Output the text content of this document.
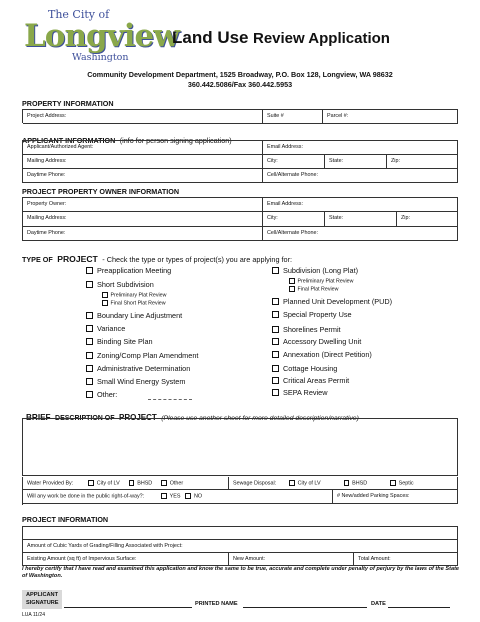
The City of
Longview
Washington
Land Use Review Application
Community Development Department, 1525 Broadway, P.O. Box 128, Longview, WA 98632
360.442.5086/Fax 360.442.5953
PROPERTY INFORMATION
Project Address:	Suite #	Parcel #:
APPLICANT INFORMATION (info for person signing application)
Applicant/Authorized Agent:	Email Address:
Mailing Address:	City:	State:	Zip:
Daytime Phone:	Cell/Alternate Phone:
PROJECT PROPERTY OWNER INFORMATION
Property Owner:	Email Address:
Mailing Address:	City:	State:	Zip:
Daytime Phone:	Cell/Alternate Phone:
TYPE OF PROJECT - Check the type or types of project(s) you are applying for:
Preapplication Meeting
Short Subdivision
Preliminary Plat Review
Final Short Plat Review
Boundary Line Adjustment
Variance
Binding Site Plan
Zoning/Comp Plan Amendment
Administrative Determination
Small Wind Energy System
Other:
Subdivision (Long Plat)
Preliminary Plat Review
Final Plat Review
Planned Unit Development (PUD)
Special Property Use
Shorelines Permit
Accessory Dwelling Unit
Annexation (Direct Petition)
Cottage Housing
Critical Areas Permit
SEPA Review
BRIEF DESCRIPTION OF PROJECT (Please use another sheet for more detailed description/narrative)
Water Provided By:	City of LV	BHSD	Other	Sewage Disposal:	City of LV	BHSD	Septic
Will any work be done in the public right-of-way?:	YES	NO	# New/added Parking Spaces:
PROJECT INFORMATION
Amount of Cubic Yards of Grading/Filling Associated with Project:
Existing Amount (sq ft) of Impervious Surface:	New Amount:	Total Amount:
I hereby certify that I have read and examined this application and know the same to be true, accurate and complete under penalty of perjury by the laws of the State of Washington.
APPLICANT
SIGNATURE	PRINTED NAME	DATE
LUA 11/24
